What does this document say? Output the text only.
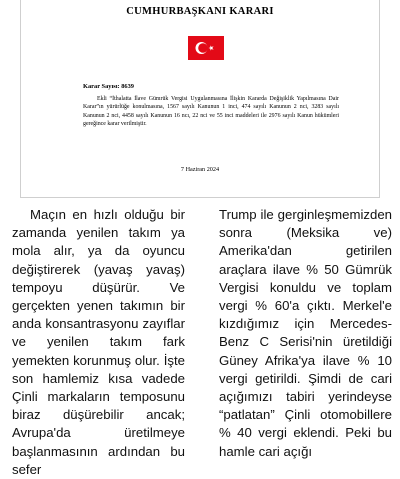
CUMHURBAŞKANI KARARI
Karar Sayısı: 8639

Ekli “İthalatta İlave Gümrük Vergisi Uygulanmasına İlişkin Kararda Değişiklik Yapılmasına Dair Karar”ın yürürlüğe konulmasına, 1567 sayılı Kanunun 1 inci, 474 sayılı Kanunun 2 nci, 3283 sayılı Kanunun 2 nci, 4458 sayılı Kanunun 16 ncı, 22 nci ve 55 inci maddeleri ile 2976 sayılı Kanun hükümleri gereğince karar verilmiştir.

7 Haziran 2024

Maçın en hızlı olduğu bir zamanda yenilen takım ya mola alır, ya da oyuncu değiştirerek (yavaş yavaş) tempoyu düşürür. Ve gerçekten yenen takımın bir anda konsantrasyonu zayıflar ve yenilen takım fark yemekten korunmuş olur. İşte son hamlemiz kısa vadede Çinli markaların temposunu biraz düşürebilir ancak; Avrupa'da üretilmeye başlanmasının ardından bu sefer

Trump ile gerginleşmemizden sonra (Meksika ve) Amerika'dan getirilen araçlara ilave % 50 Gümrük Vergisi konuldu ve toplam vergi % 60'a çıktı. Merkel'e kızdığımız için Mercedes-Benz C Serisi'nin üretildiği Güney Afrika'ya ilave % 10 vergi getirildi. Şimdi de cari açığımızı tabiri yerindeyse “patlatan” Çinli otomobillere % 40 vergi eklendi. Peki bu hamle cari açığı
